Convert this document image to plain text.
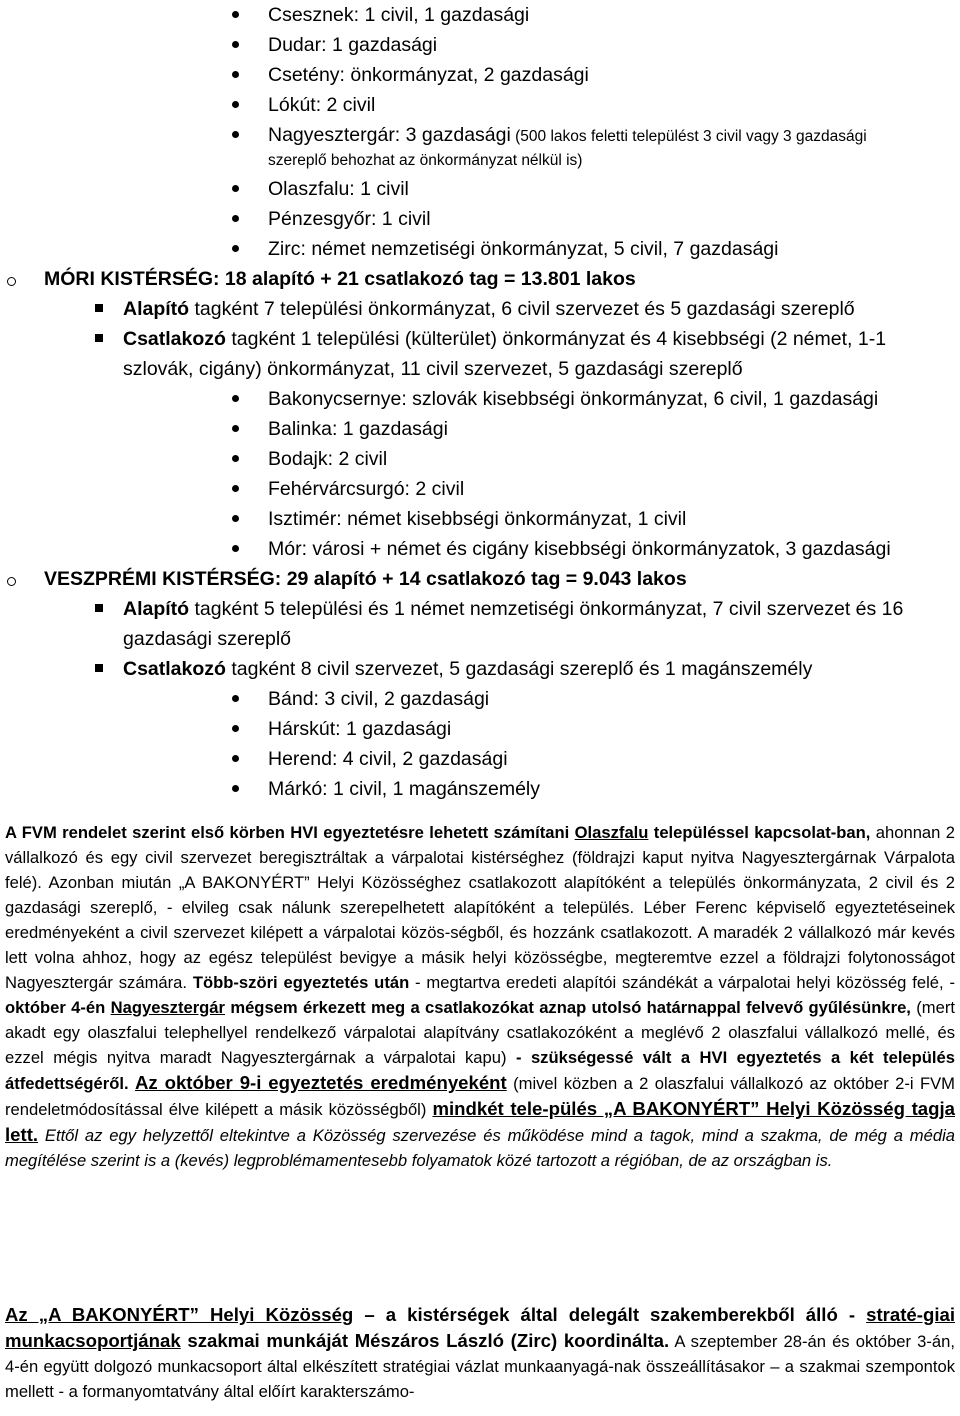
Csesznek: 1 civil, 1 gazdasági
Dudar: 1 gazdasági
Csetény: önkormányzat, 2 gazdasági
Lókút: 2 civil
Nagyesztergár: 3 gazdasági (500 lakos feletti települést 3 civil vagy 3 gazdasági
szereplő behozhat az önkormányzat nélkül is)
Olaszfalu: 1 civil
Pénzesgyőr: 1 civil
Zirc: német nemzetiségi önkormányzat, 5 civil, 7 gazdasági
MÓRI KISTÉRSÉG: 18 alapító + 21 csatlakozó tag = 13.801 lakos
Alapító tagként 7 települési önkormányzat, 6 civil szervezet és 5 gazdasági szereplő
Csatlakozó tagként 1 települési (külterület) önkormányzat és 4 kisebbségi (2 német, 1-1
szlovák, cigány) önkormányzat, 11 civil szervezet, 5 gazdasági szereplő
Bakonycsernye: szlovák kisebbségi önkormányzat, 6 civil, 1 gazdasági
Balinka: 1 gazdasági
Bodajk: 2 civil
Fehérvárcsurgó: 2 civil
Isztimér: német kisebbségi önkormányzat, 1 civil
Mór: városi + német és cigány kisebbségi önkormányzatok, 3 gazdasági
VESZPRÉMI KISTÉRSÉG: 29 alapító + 14 csatlakozó tag = 9.043 lakos
Alapító tagként 5 települési és 1 német nemzetiségi önkormányzat, 7 civil szervezet és 16
gazdasági szereplő
Csatlakozó tagként 8 civil szervezet, 5 gazdasági szereplő és 1 magánszemély
Bánd: 3 civil, 2 gazdasági
Hárskút: 1 gazdasági
Herend: 4 civil, 2 gazdasági
Márkó: 1 civil, 1 magánszemély

A FVM rendelet szerint első körben HVI egyeztetésre lehetett számítani Olaszfalu településsel kapcsolat-ban, ahonnan 2 vállalkozó és egy civil szervezet beregisztráltak a várpalotai kistérséghez (földrajzi kaput nyitva Nagyesztergárnak Várpalota felé). Azonban miután „A BAKONYÉRT” Helyi Közösséghez csatlakozott alapítóként a település önkormányzata, 2 civil és 2 gazdasági szereplő, - elvileg csak nálunk szerepelhetett alapítóként a település. Léber Ferenc képviselő egyeztetéseinek eredményeként a civil szervezet kilépett a várpalotai közös-ségből, és hozzánk csatlakozott. A maradék 2 vállalkozó már kevés lett volna ahhoz, hogy az egész települést bevigye a másik helyi közösségbe, megteremtve ezzel a földrajzi folytonosságot Nagyesztergár számára. Több-szöri egyeztetés után - megtartva eredeti alapítói szándékát a várpalotai helyi közösség felé, - október 4-én Nagyesztergár mégsem érkezett meg a csatlakozókat aznap utolsó határnappal felvevő gyűlésünkre, (mert akadt egy olaszfalui telephellyel rendelkező várpalotai alapítvány csatlakozóként a meglévő 2 olaszfalui vállalkozó mellé, és ezzel mégis nyitva maradt Nagyesztergárnak a várpalotai kapu) - szükségessé vált a HVI egyeztetés a két település átfedettségéről. Az október 9-i egyeztetés eredményeként (mivel közben a 2 olaszfalui vállalkozó az október 2-i FVM rendeletmódosítással élve kilépett a másik közösségből) mindkét tele-pülés „A BAKONYÉRT” Helyi Közösség tagja lett. Ettől az egy helyzettől eltekintve a Közösség szervezése és működése mind a tagok, mind a szakma, de még a média megítélése szerint is a (kevés) legproblémamentesebb folyamatok közé tartozott a régióban, de az országban is.

Az „A BAKONYÉRT” Helyi Közösség – a kistérségek által delegált szakemberekből álló - straté-giai munkacsoportjának szakmai munkáját Mészáros László (Zirc) koordinálta. A szeptember 28-án és október 3-án, 4-én együtt dolgozó munkacsoport által elkészített stratégiai vázlat munkaanyagá-nak összeállításakor – a szakmai szempontok mellett - a formanyomtatvány által előírt karakterszámo-
